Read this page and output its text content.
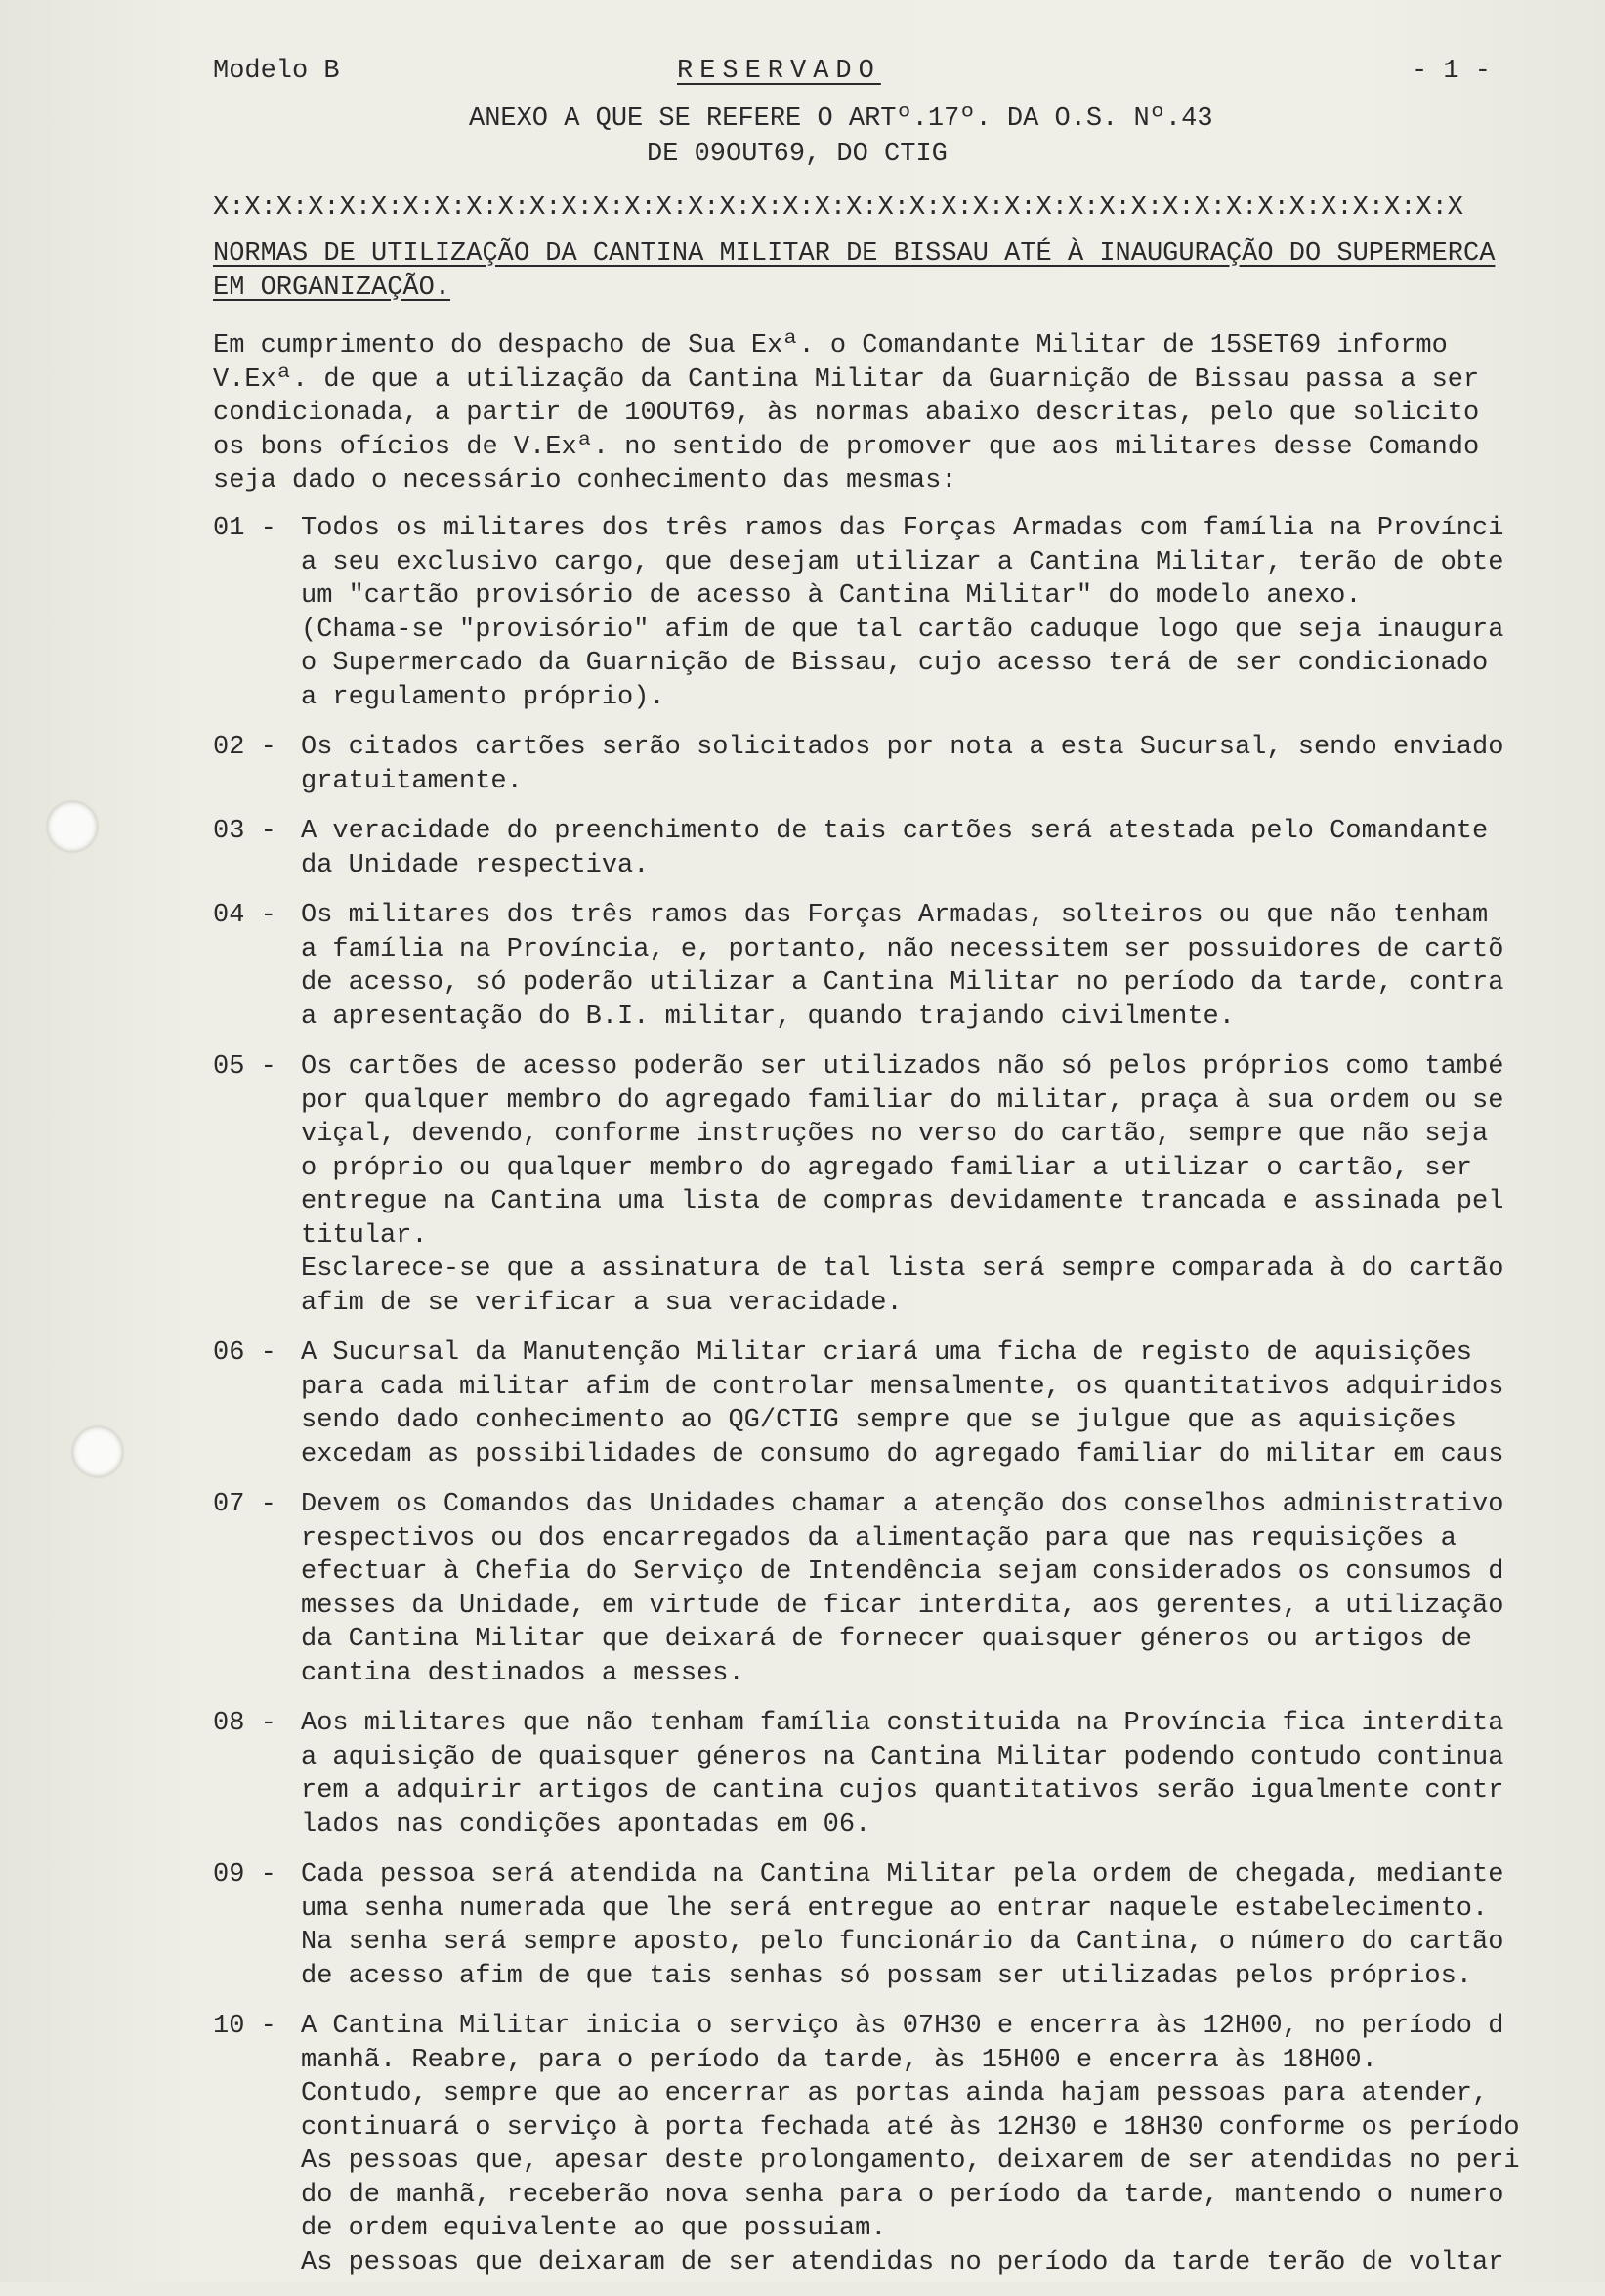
Modelo B	RESERVADO	- 1 -
ANEXO A QUE SE REFERE O ARTº.17º. DA O.S. Nº.43
DE 09OUT69, DO CTIG
X:X:X:X:X:X:X:X:X:X:X:X:X:X:X:X:X:X:X:X:X:X:X:X:X:X:X:X:X:X:X:X:X:X:X:X:X:X:X:X
NORMAS DE UTILIZAÇÃO DA CANTINA MILITAR DE BISSAU ATÉ À INAUGURAÇÃO DO SUPERMERCA
EM ORGANIZAÇÃO.
Em cumprimento do despacho de Sua Exª. o Comandante Militar de 15SET69 informo
V.Exª. de que a utilização da Cantina Militar da Guarnição de Bissau passa a ser
condicionada, a partir de 10OUT69, às normas abaixo descritas, pelo que solicito
os bons ofícios de V.Exª. no sentido de promover que aos militares desse Comando
seja dado o necessário conhecimento das mesmas:
01 - Todos os militares dos três ramos das Forças Armadas com família na Provínci
a seu exclusivo cargo, que desejam utilizar a Cantina Militar, terão de obte
um "cartão provisório de acesso à Cantina Militar" do modelo anexo.
(Chama-se "provisório" afim de que tal cartão caduque logo que seja inaugura
o Supermercado da Guarnição de Bissau, cujo acesso terá de ser condicionado
a regulamento próprio).
02 - Os citados cartões serão solicitados por nota a esta Sucursal, sendo enviado
gratuitamente.
03 - A veracidade do preenchimento de tais cartões será atestada pelo Comandante
da Unidade respectiva.
04 - Os militares dos três ramos das Forças Armadas, solteiros ou que não tenham
a família na Província, e, portanto, não necessitem ser possuidores de cartõ
de acesso, só poderão utilizar a Cantina Militar no período da tarde, contra
a apresentação do B.I. militar, quando trajando civilmente.
05 - Os cartões de acesso poderão ser utilizados não só pelos próprios como també
por qualquer membro do agregado familiar do militar, praça à sua ordem ou se
viçal, devendo, conforme instruções no verso do cartão, sempre que não seja
o próprio ou qualquer membro do agregado familiar a utilizar o cartão, ser
entregue na Cantina uma lista de compras devidamente trancada e assinada pel
titular.
Esclarece-se que a assinatura de tal lista será sempre comparada à do cartão
afim de se verificar a sua veracidade.
06 - A Sucursal da Manutenção Militar criará uma ficha de registo de aquisições
para cada militar afim de controlar mensalmente, os quantitativos adquiridos
sendo dado conhecimento ao QG/CTIG sempre que se julgue que as aquisições
excedam as possibilidades de consumo do agregado familiar do militar em caus
07 - Devem os Comandos das Unidades chamar a atenção dos conselhos administrativo
respectivos ou dos encarregados da alimentação para que nas requisições a
efectuar à Chefia do Serviço de Intendência sejam considerados os consumos d
messes da Unidade, em virtude de ficar interdita, aos gerentes, a utilização
da Cantina Militar que deixará de fornecer quaisquer géneros ou artigos de
cantina destinados a messes.
08 - Aos militares que não tenham família constituida na Província fica interdita
a aquisição de quaisquer géneros na Cantina Militar podendo contudo continua
rem a adquirir artigos de cantina cujos quantitativos serão igualmente contr
lados nas condições apontadas em 06.
09 - Cada pessoa será atendida na Cantina Militar pela ordem de chegada, mediante
uma senha numerada que lhe será entregue ao entrar naquele estabelecimento.
Na senha será sempre aposto, pelo funcionário da Cantina, o número do cartão
de acesso afim de que tais senhas só possam ser utilizadas pelos próprios.
10 - A Cantina Militar inicia o serviço às 07H30 e encerra às 12H00, no período d
manhã. Reabre, para o período da tarde, às 15H00 e encerra às 18H00.
Contudo, sempre que ao encerrar as portas ainda hajam pessoas para atender,
continuará o serviço à porta fechada até às 12H30 e 18H30 conforme os período
As pessoas que, apesar deste prolongamento, deixarem de ser atendidas no peri
do de manhã, receberão nova senha para o período da tarde, mantendo o numero
de ordem equivalente ao que possuiam.
As pessoas que deixaram de ser atendidas no período da tarde terão de voltar
